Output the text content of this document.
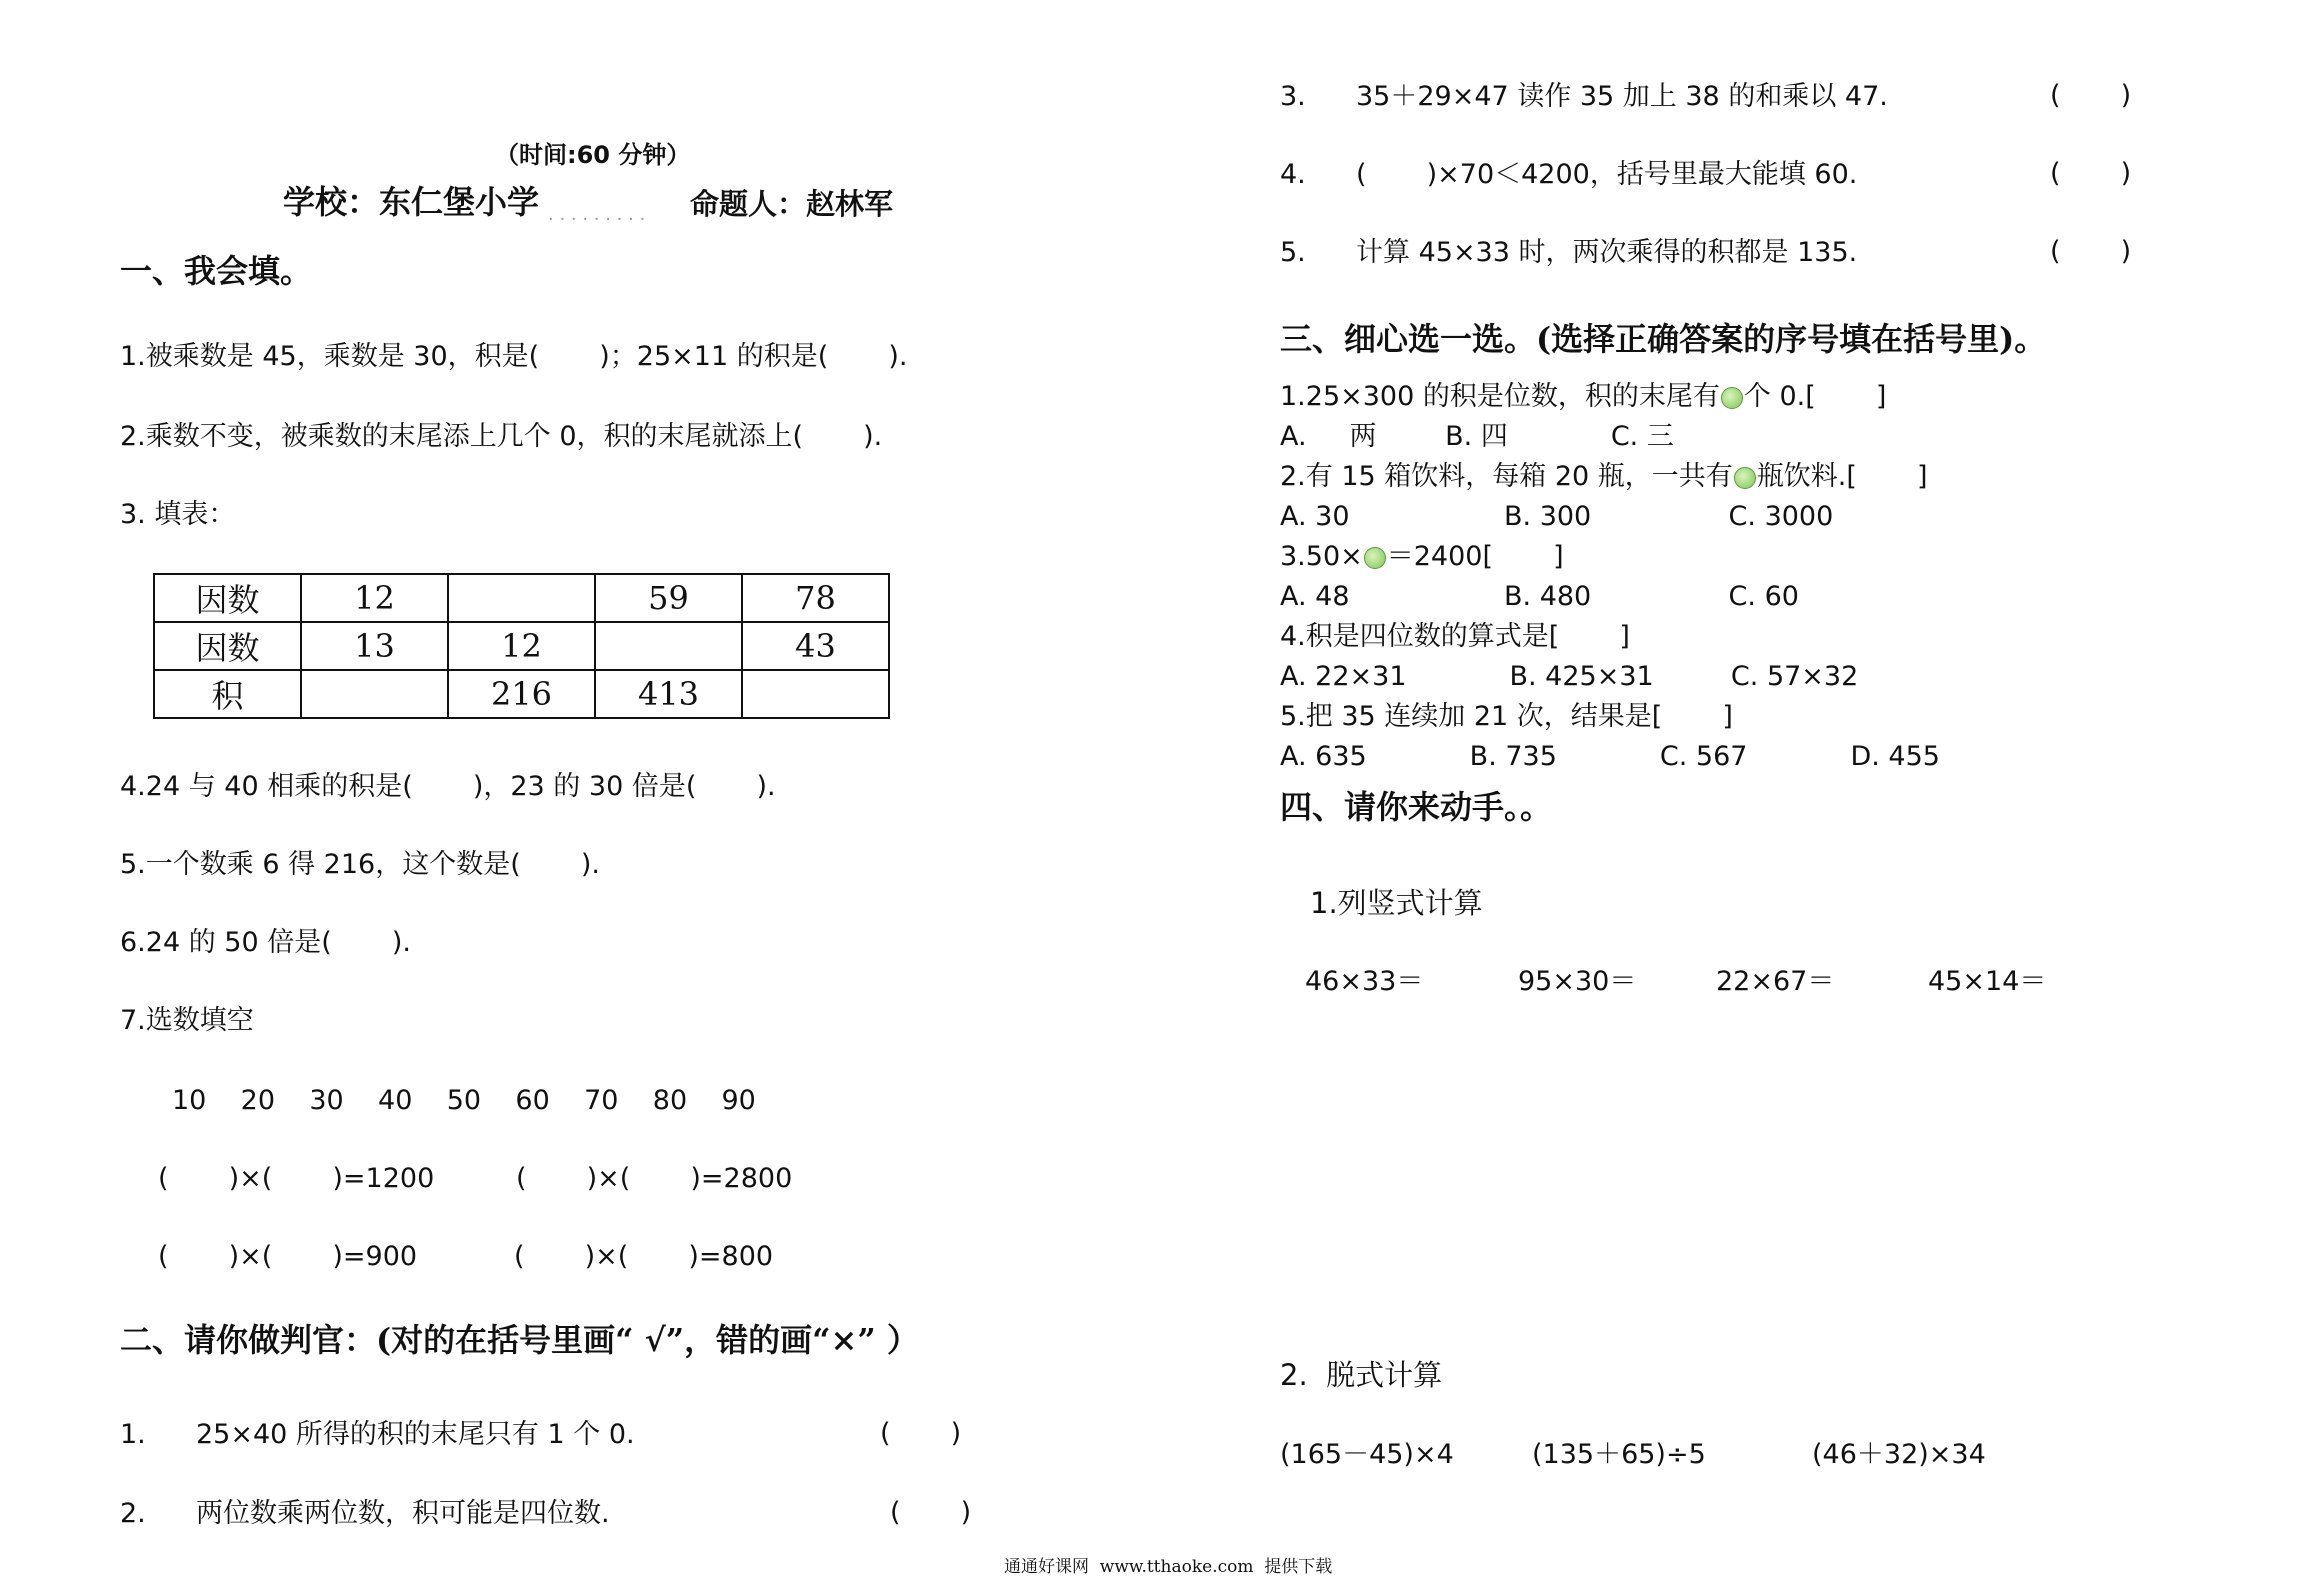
（时间:60 分钟）
学校：东仁堡小学 . . . . . . . . . 命题人：赵林军
一、我会填。
1.被乘数是 45，乘数是 30，积是(       )；25×11 的积是(       ).
2.乘数不变，被乘数的末尾添上几个 0，积的末尾就添上(       ).
3. 填表：
因数	12		59	78
因数	13	12		43
积		216	413	
4.24 与 40 相乘的积是(       )，23 的 30 倍是(       ).
5.一个数乘 6 得 216，这个数是(       ).
6.24 的 50 倍是(       ).
7.选数填空
10    20    30    40    50    60    70    80    90
(       )×(       )=1200	(       )×(       )=2800
(       )×(       )=900	(       )×(       )=800
二、请你做判官：(对的在括号里画“ √”，错的画“×” ）
1. 25×40 所得的积的末尾只有 1 个 0.	(       )
2. 两位数乘两位数，积可能是四位数.	(       )
3. 35＋29×47 读作 35 加上 38 的和乘以 47.	(       )
4. (       )×70＜4200，括号里最大能填 60.	(       )
5. 计算 45×33 时，两次乘得的积都是 135.	(       )
三、细心选一选。(选择正确答案的序号填在括号里)。
1.25×300 的积是位数，积的末尾有 个 0.[       ]
A.     两        B. 四            C. 三
2.有 15 箱饮料，每箱 20 瓶，一共有 瓶饮料.[       ]
A. 30                  B. 300                C. 3000
3.50× ＝2400[       ]
A. 48                  B. 480                C. 60
4.积是四位数的算式是[       ]
A. 22×31            B. 425×31         C. 57×32
5.把 35 连续加 21 次，结果是[       ]
A. 635            B. 735            C. 567            D. 455
四、请你来动手。。
1.列竖式计算
46×33＝	95×30＝	22×67＝	45×14＝
2.  脱式计算
(165－45)×4	(135＋65)÷5	(46＋32)×34
通通好课网  www.tthaoke.com  提供下载
